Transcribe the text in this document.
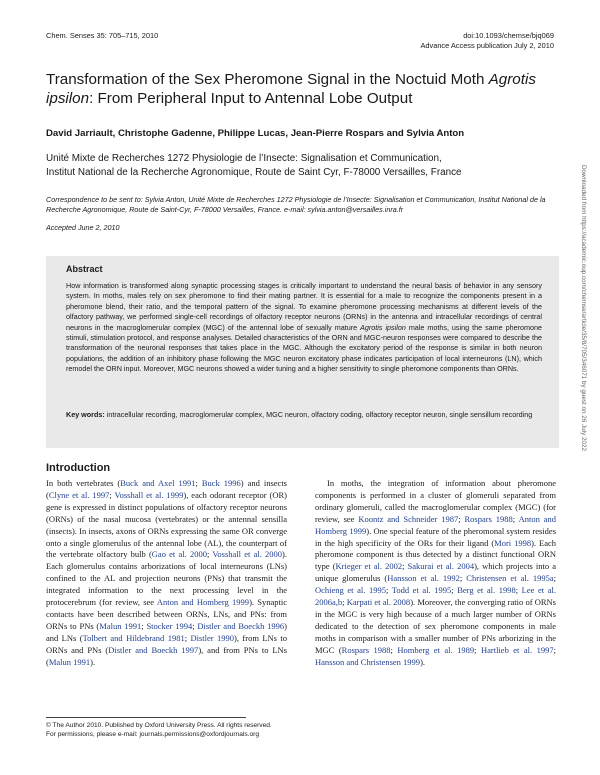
Chem. Senses 35: 705–715, 2010	doi:10.1093/chemse/bjq069
Advance Access publication July 2, 2010
Transformation of the Sex Pheromone Signal in the Noctuid Moth Agrotis ipsilon: From Peripheral Input to Antennal Lobe Output
David Jarriault, Christophe Gadenne, Philippe Lucas, Jean-Pierre Rospars and Sylvia Anton
Unité Mixte de Recherches 1272 Physiologie de l’Insecte: Signalisation et Communication,
Institut National de la Recherche Agronomique, Route de Saint Cyr, F-78000 Versailles, France
Correspondence to be sent to: Sylvia Anton, Unité Mixte de Recherches 1272 Physiologie de l’Insecte: Signalisation et Communication, Institut National de la Recherche Agronomique, Route de Saint-Cyr, F-78000 Versailles, France. e-mail: sylvia.anton@versailles.inra.fr
Accepted June 2, 2010
Abstract
How information is transformed along synaptic processing stages is critically important to understand the neural basis of behavior in any sensory system. In moths, males rely on sex pheromone to find their mating partner. It is essential for a male to recognize the components present in a pheromone blend, their ratio, and the temporal pattern of the signal. To examine pheromone processing mechanisms at different levels of the olfactory pathway, we performed single-cell recordings of olfactory receptor neurons (ORNs) in the antenna and intracellular recordings of central neurons in the macroglomerular complex (MGC) of the antennal lobe of sexually mature Agrotis ipsilon male moths, using the same pheromone stimuli, stimulation protocol, and response analyses. Detailed characteristics of the ORN and MGC-neuron responses were compared to describe the transformation of the neuronal responses that takes place in the MGC. Although the excitatory period of the response is similar in both neuron populations, the addition of an inhibitory phase following the MGC neuron excitatory phase indicates participation of local interneurons (LN), which remodel the ORN input. Moreover, MGC neurons showed a wider tuning and a higher sensitivity to single pheromone components than ORNs.
Key words: intracellular recording, macroglomerular complex, MGC neuron, olfactory coding, olfactory receptor neuron, single sensillum recording
Introduction
In both vertebrates (Buck and Axel 1991; Buck 1996) and insects (Clyne et al. 1997; Vosshall et al. 1999), each odorant receptor (OR) gene is expressed in distinct populations of olfactory receptor neurons (ORNs) of the nasal mucosa (vertebrates) or the antennal sensilla (insects). In insects, axons of ORNs expressing the same OR converge onto a single glomerulus of the antennal lobe (AL), the counterpart of the vertebrate olfactory bulb (Gao et al. 2000; Vosshall et al. 2000). Each glomerulus contains arborizations of local interneurons (LNs) confined to the AL and projection neurons (PNs) that transmit the integrated information to the next processing level in the protocerebrum (for review, see Anton and Homberg 1999). Synaptic contacts have been described between ORNs, LNs, and PNs: from ORNs to PNs (Malun 1991; Stocker 1994; Distler and Boeckh 1996) and LNs (Tolbert and Hildebrand 1981; Distler 1990), from LNs to ORNs and PNs (Distler and Boeckh 1997), and from PNs to LNs (Malun 1991).
In moths, the integration of information about pheromone components is performed in a cluster of glomeruli separated from ordinary glomeruli, called the macroglomerular complex (MGC) (for review, see Koontz and Schneider 1987; Rospars 1988; Anton and Homberg 1999). One special feature of the pheromonal system resides in the high specificity of the ORs for their ligand (Mori 1998). Each pheromone component is thus detected by a distinct functional ORN type (Krieger et al. 2002; Sakurai et al. 2004), which projects into a unique glomerulus (Hansson et al. 1992; Christensen et al. 1995a; Ochieng et al. 1995; Todd et al. 1995; Berg et al. 1998; Lee et al. 2006a,b; Karpati et al. 2008). Moreover, the converging ratio of ORNs in the MGC is very high because of a much larger number of ORNs dedicated to the detection of sex pheromone components in male moths in comparison with a smaller number of PNs arborizing in the MGC (Rospars 1988; Homberg et al. 1989; Hartlieb et al. 1997; Hansson and Christensen 1999).
© The Author 2010. Published by Oxford University Press. All rights reserved.
For permissions, please e-mail: journals.permissions@oxfordjournals.org
Downloaded from https://academic.oup.com/chemse/article/35/8/705/346071 by guest on 26 July 2022
